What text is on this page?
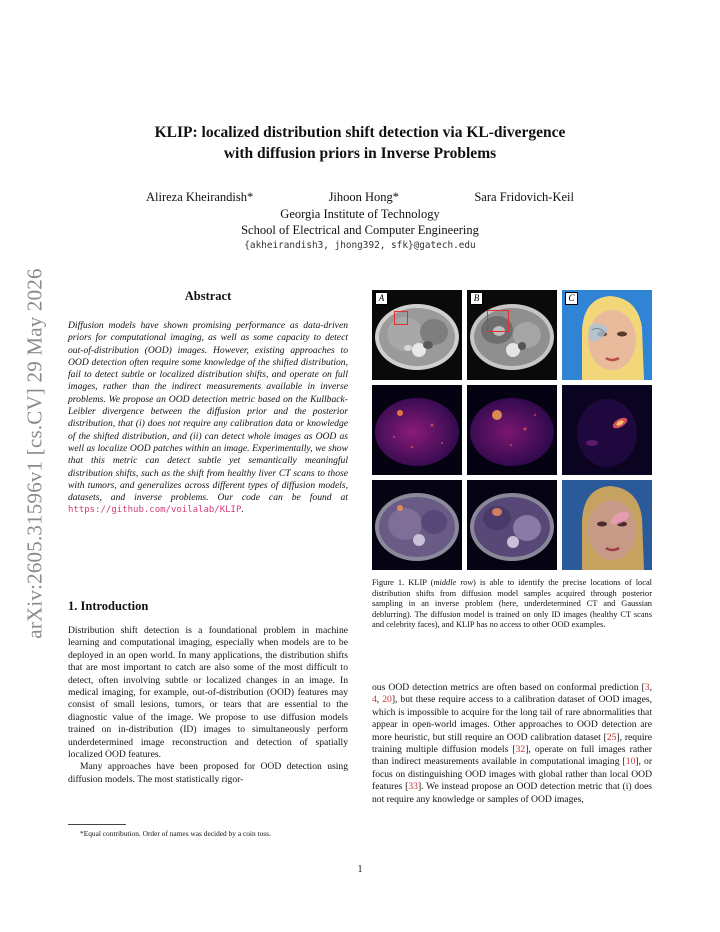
arXiv:2605.31596v1 [cs.CV] 29 May 2026
KLIP: localized distribution shift detection via KL-divergence
with diffusion priors in Inverse Problems
Alireza Kheirandish*	Jihoon Hong*	Sara Fridovich-Keil
Georgia Institute of Technology
School of Electrical and Computer Engineering
{akheirandish3, jhong392, sfk}@gatech.edu
Abstract
Diffusion models have shown promising performance as data-driven priors for computational imaging, as well as some capacity to detect out-of-distribution (OOD) images. However, existing approaches to OOD detection often require some knowledge of the shifted distribution, fail to detect subtle or localized distribution shifts, and operate on full images, rather than the indirect measurements available in inverse problems. We propose an OOD detection metric based on the Kullback-Leibler divergence between the diffusion prior and the posterior distribution, that (i) does not require any calibration data or knowledge of the shifted distribution, and (ii) can detect whole images as OOD as well as localize OOD patches within an image. Experimentally, we show that this metric can detect subtle yet semantically meaningful distribution shifts, such as the shift from healthy liver CT scans to those with tumors, and generalizes across different types of diffusion models, datasets, and inverse problems. Our code can be found at https://github.com/voilalab/KLIP.
1. Introduction

Distribution shift detection is a foundational problem in machine learning and computational imaging, especially when models are to be deployed in an open world. In many applications, the distribution shifts that are most important to catch are also some of the most difficult to detect, often involving subtle or localized changes in an image. In medical imaging, for example, out-of-distribution (OOD) features may consist of small lesions, tumors, or tears that are essential to the diagnostic value of the image. We propose to use diffusion models trained on in-distribution (ID) images to simultaneously perform underdetermined image reconstruction and detection of spatially localized OOD features.

Many approaches have been proposed for OOD detection using diffusion models. The most statistically rigor-

*Equal contribution. Order of names was decided by a coin toss.
A	B	C
Figure 1. KLIP (middle row) is able to identify the precise locations of local distribution shifts from diffusion model samples acquired through posterior sampling in an inverse problem (here, underdetermined CT and Gaussian deblurring). The diffusion model is trained on only ID images (healthy CT scans and celebrity faces), and KLIP has no access to other OOD examples.

ous OOD detection metrics are often based on conformal prediction [3, 4, 20], but these require access to a calibration dataset of OOD images, which is impossible to acquire for the long tail of rare abnormalities that appear in open-world images. Other approaches to OOD detection are more heuristic, but still require an OOD calibration dataset [25], require training multiple diffusion models [32], operate on full images rather than indirect measurements available in computational imaging [10], or focus on distinguishing OOD images with global rather than local OOD features [33]. We instead propose an OOD detection metric that (i) does not require any knowledge or samples of OOD images,

1
